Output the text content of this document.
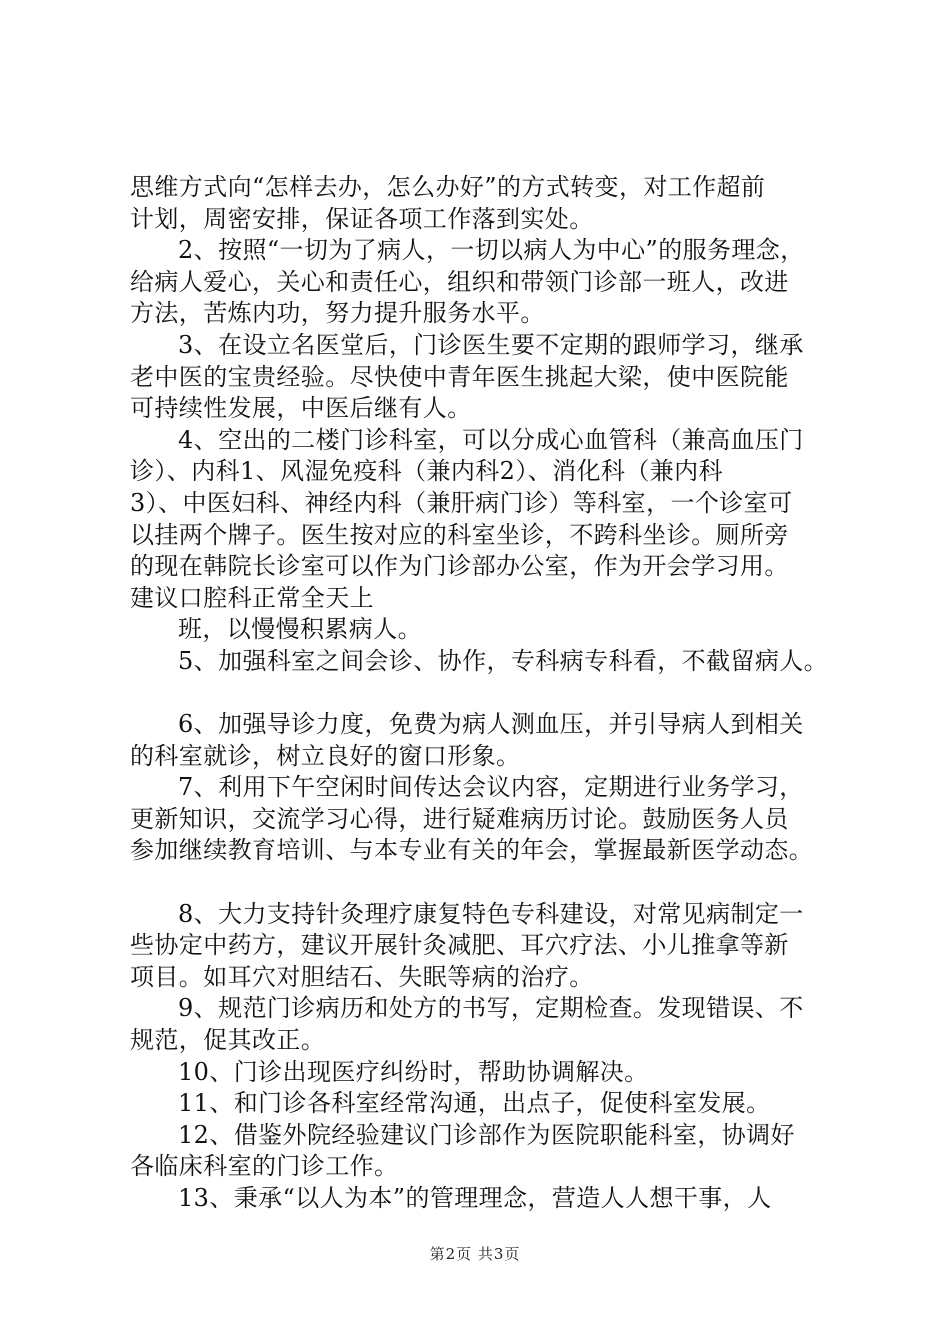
思维方式向“怎样去办，怎么办好”的方式转变，对工作超前
计划，周密安排，保证各项工作落到实处。
2、按照“一切为了病人，一切以病人为中心”的服务理念，
给病人爱心，关心和责任心，组织和带领门诊部一班人，改进
方法，苦炼内功，努力提升服务水平。
3、在设立名医堂后，门诊医生要不定期的跟师学习，继承
老中医的宝贵经验。尽快使中青年医生挑起大梁，使中医院能
可持续性发展，中医后继有人。
4、空出的二楼门诊科室，可以分成心血管科（兼高血压门
诊）、内科1、风湿免疫科（兼内科2）、消化科（兼内科
3）、中医妇科、神经内科（兼肝病门诊）等科室，一个诊室可
以挂两个牌子。医生按对应的科室坐诊，不跨科坐诊。厕所旁
的现在韩院长诊室可以作为门诊部办公室，作为开会学习用。
建议口腔科正常全天上
班，以慢慢积累病人。
5、加强科室之间会诊、协作，专科病专科看，不截留病人。
6、加强导诊力度，免费为病人测血压，并引导病人到相关
的科室就诊，树立良好的窗口形象。
7、利用下午空闲时间传达会议内容，定期进行业务学习，
更新知识，交流学习心得，进行疑难病历讨论。鼓励医务人员
参加继续教育培训、与本专业有关的年会，掌握最新医学动态。
8、大力支持针灸理疗康复特色专科建设，对常见病制定一
些协定中药方，建议开展针灸减肥、耳穴疗法、小儿推拿等新
项目。如耳穴对胆结石、失眠等病的治疗。
9、规范门诊病历和处方的书写，定期检查。发现错误、不
规范，促其改正。
10、门诊出现医疗纠纷时，帮助协调解决。
11、和门诊各科室经常沟通，出点子，促使科室发展。
12、借鉴外院经验建议门诊部作为医院职能科室，协调好
各临床科室的门诊工作。
13、秉承“以人为本”的管理理念，营造人人想干事，人
第2页 共3页
